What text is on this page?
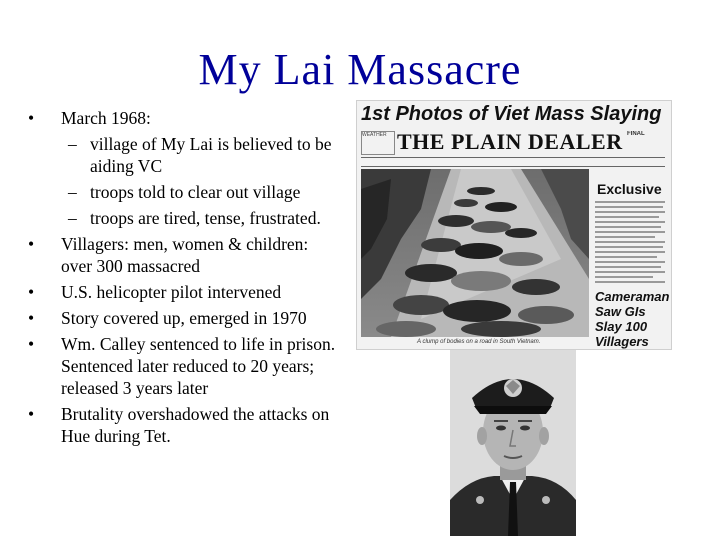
My Lai Massacre
•	March 1968:
– village of My Lai is believed to be aiding VC
– troops told to clear out village
– troops are tired, tense, frustrated.
•	Villagers: men, women & children: over 300 massacred
•	U.S. helicopter pilot intervened
•	Story covered up, emerged in 1970
•	Wm. Calley sentenced to life in prison. Sentenced later reduced to 20 years; released 3 years later
•	Brutality overshadowed the attacks on Hue during Tet.
1st Photos of Viet Mass Slaying
WEATHER THE PLAIN DEALER FINAL
A clump of bodies on a road in South Vietnam.
Exclusive
Cameraman Saw GIs Slay 100 Villagers
